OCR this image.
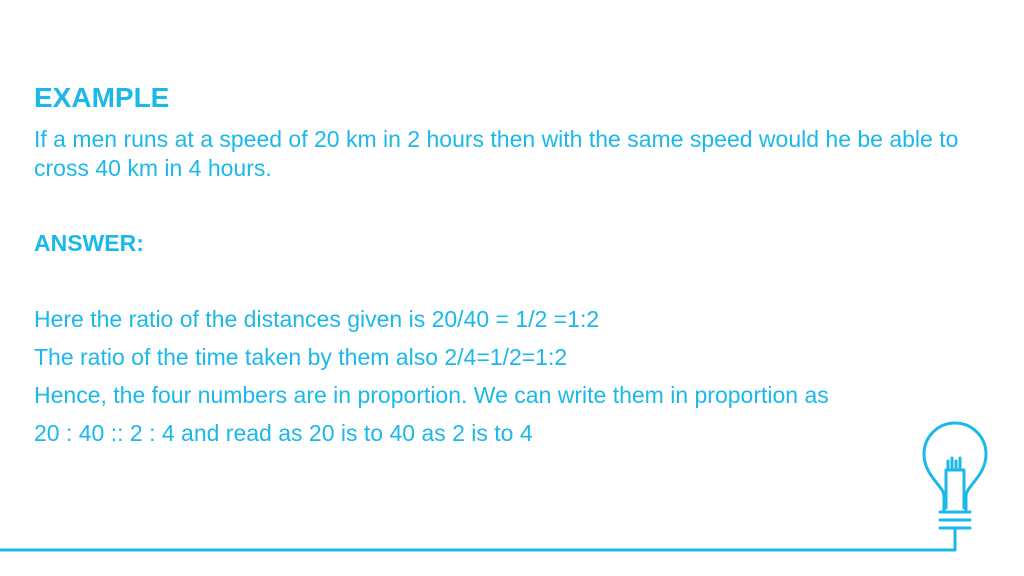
EXAMPLE

If a men runs at a speed of 20 km in 2 hours then with the same speed would he be able to cross 40 km in 4 hours.

ANSWER:
Here the ratio of the distances given is 20/40 = 1/2 =1:2
The ratio of the time taken by them also 2/4=1/2=1:2
Hence, the four numbers are in proportion. We can write them in proportion as
20 : 40 :: 2 : 4 and read as 20 is to 40 as 2 is to 4
